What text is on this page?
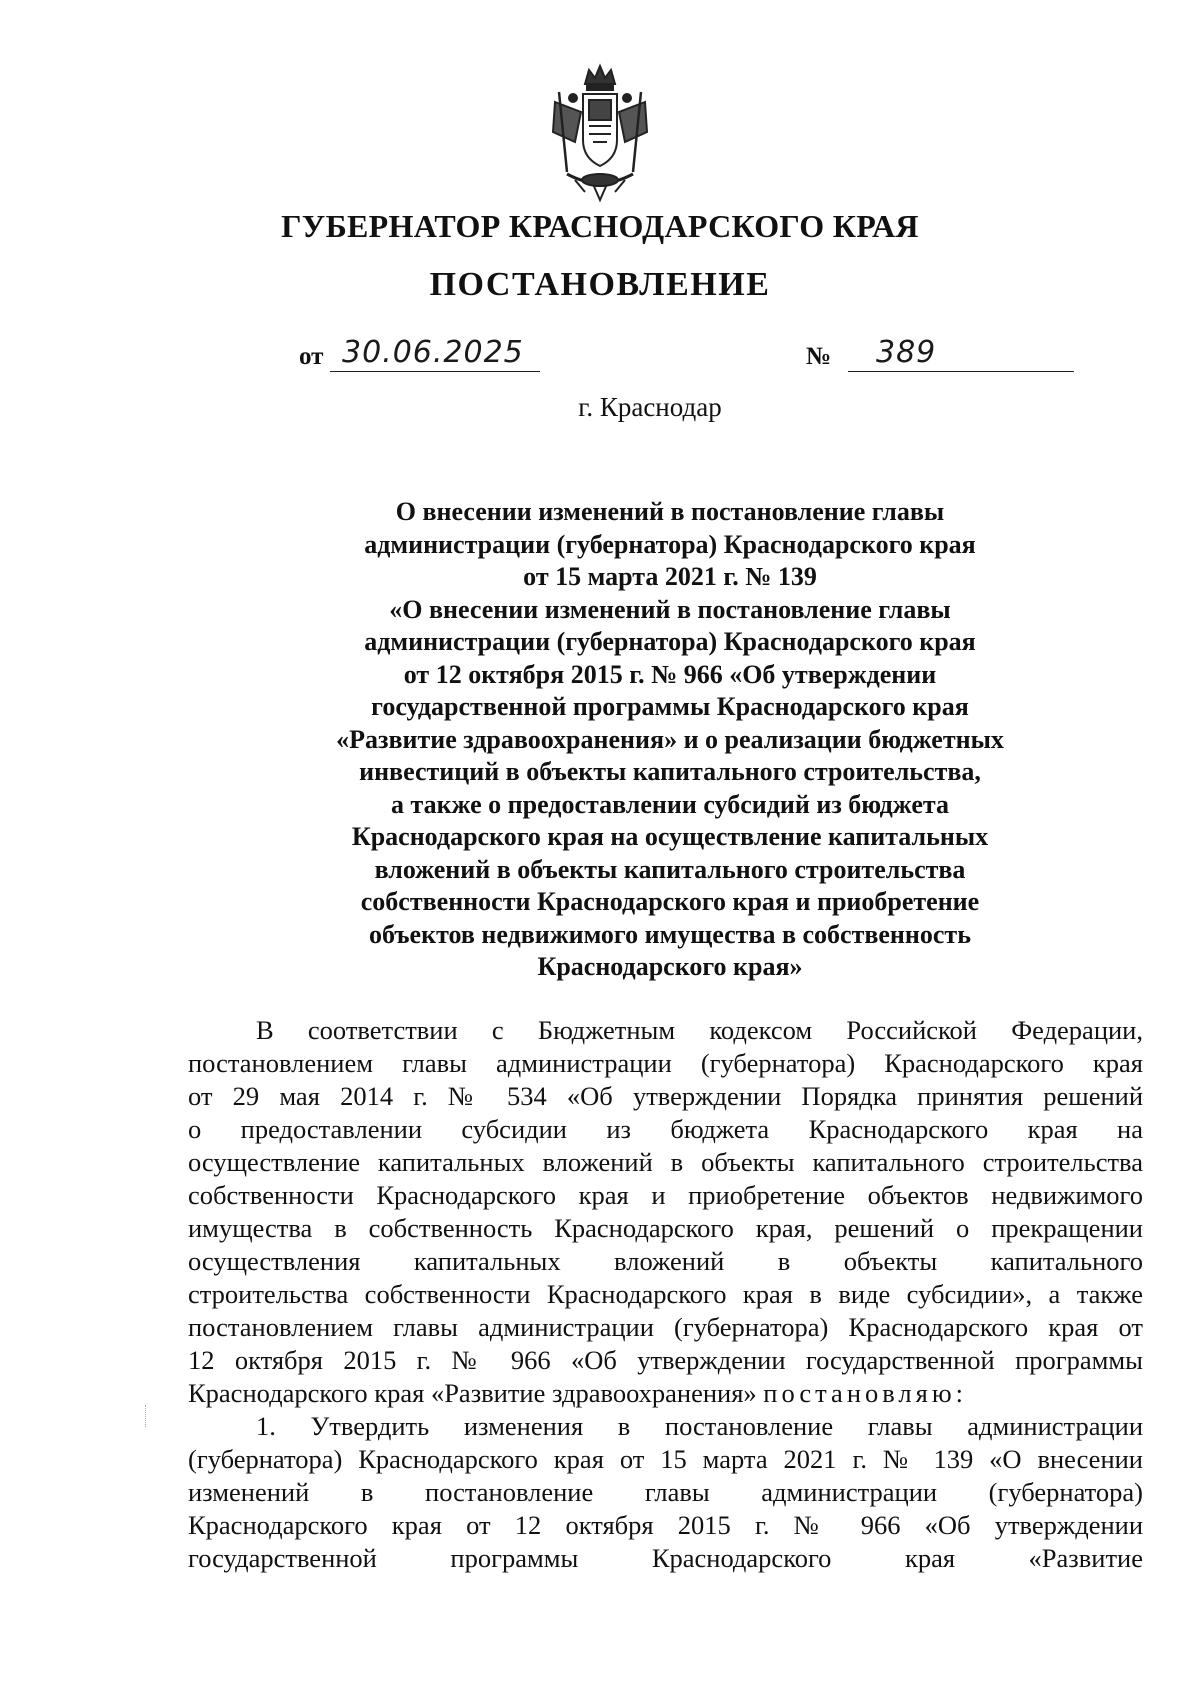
ГУБЕРНАТОР КРАСНОДАРСКОГО КРАЯ
ПОСТАНОВЛЕНИЕ
от 30.06.2025	№	389
г. Краснодар
О внесении изменений в постановление главы
администрации (губернатора) Краснодарского края
от 15 марта 2021 г. № 139
«О внесении изменений в постановление главы
администрации (губернатора) Краснодарского края
от 12 октября 2015 г. № 966 «Об утверждении
государственной программы Краснодарского края
«Развитие здравоохранения» и о реализации бюджетных
инвестиций в объекты капитального строительства,
а также о предоставлении субсидий из бюджета
Краснодарского края на осуществление капитальных
вложений в объекты капитального строительства
собственности Краснодарского края и приобретение
объектов недвижимого имущества в собственность
Краснодарского края»
В соответствии с Бюджетным кодексом Российской Федерации,
постановлением главы администрации (губернатора) Краснодарского края
от 29 мая 2014 г. № 534 «Об утверждении Порядка принятия решений
о предоставлении субсидии из бюджета Краснодарского края на
осуществление капитальных вложений в объекты капитального строительства
собственности Краснодарского края и приобретение объектов недвижимого
имущества в собственность Краснодарского края, решений о прекращении
осуществления капитальных вложений в объекты капитального
строительства собственности Краснодарского края в виде субсидии», а также
постановлением главы администрации (губернатора) Краснодарского края от
12 октября 2015 г. № 966 «Об утверждении государственной программы
Краснодарского края «Развитие здравоохранения» постановляю:
1. Утвердить изменения в постановление главы администрации
(губернатора) Краснодарского края от 15 марта 2021 г. № 139 «О внесении
изменений в постановление главы администрации (губернатора)
Краснодарского края от 12 октября 2015 г. № 966 «Об утверждении
государственной программы Краснодарского края «Развитие
